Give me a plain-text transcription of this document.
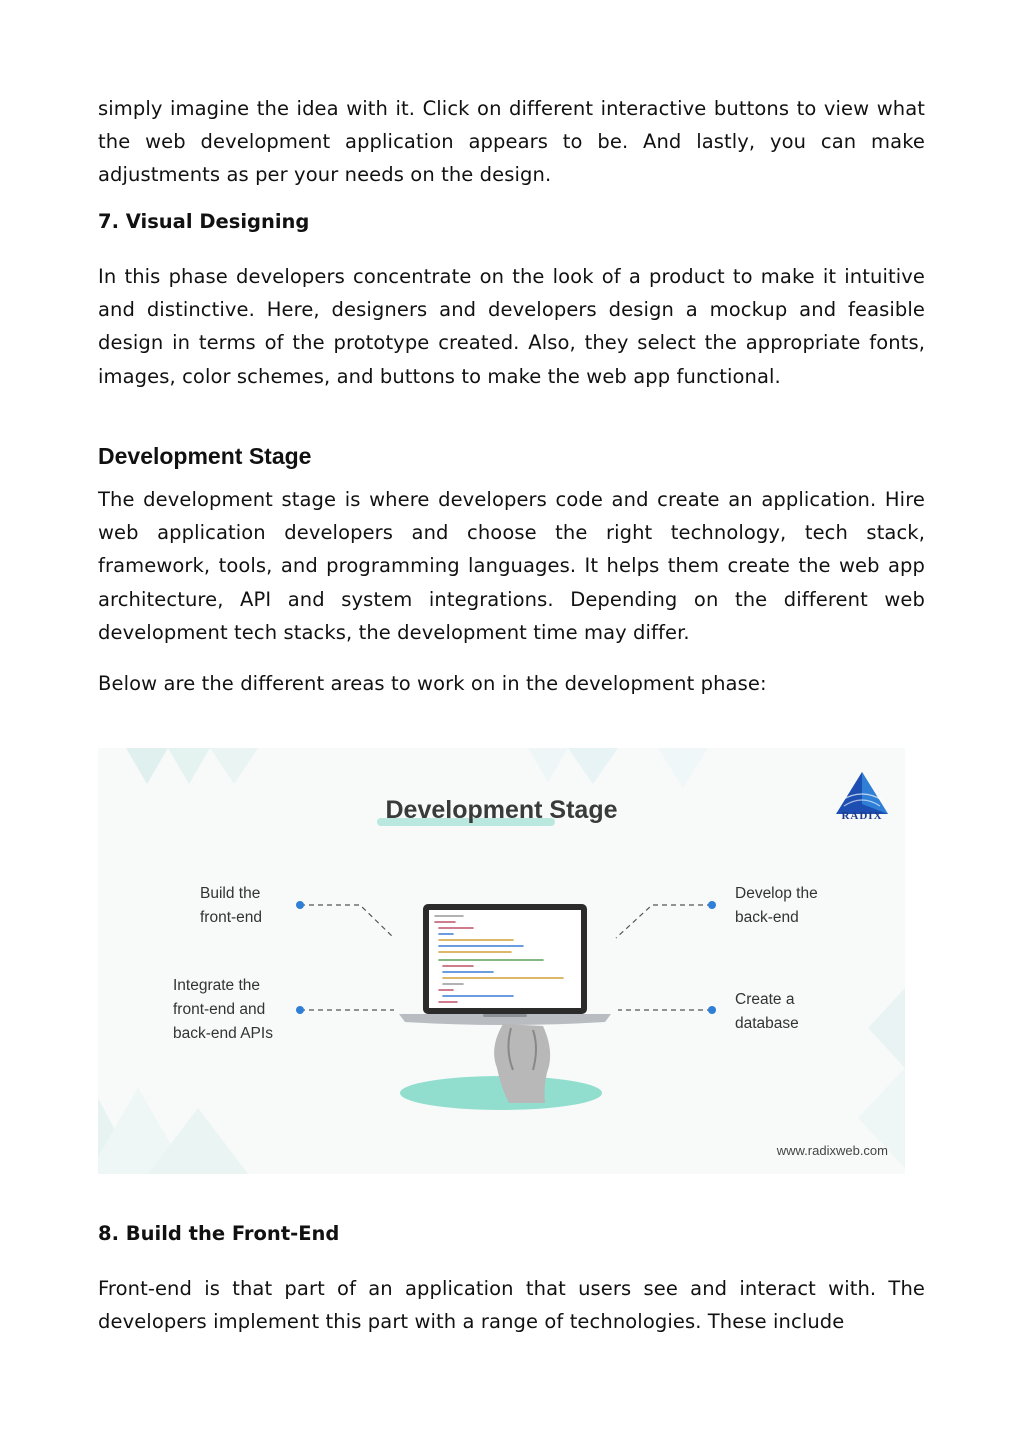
simply imagine the idea with it. Click on different interactive buttons to view what the web development application appears to be. And lastly, you can make adjustments as per your needs on the design.

7. Visual Designing

In this phase developers concentrate on the look of a product to make it intuitive and distinctive. Here, designers and developers design a mockup and feasible design in terms of the prototype created. Also, they select the appropriate fonts, images, color schemes, and buttons to make the web app functional.

Development Stage

The development stage is where developers code and create an application. Hire web application developers and choose the right technology, tech stack, framework, tools, and programming languages. It helps them create the web app architecture, API and system integrations. Depending on the different web development tech stacks, the development time may differ.

Below are the different areas to work on in the development phase:

Development Stage	RADIX
Build the
front-end
Integrate the
front-end and
back-end APIs
Develop the
back-end
Create a
database
www.radixweb.com
8. Build the Front-End

Front-end is that part of an application that users see and interact with. The developers implement this part with a range of technologies. These include
